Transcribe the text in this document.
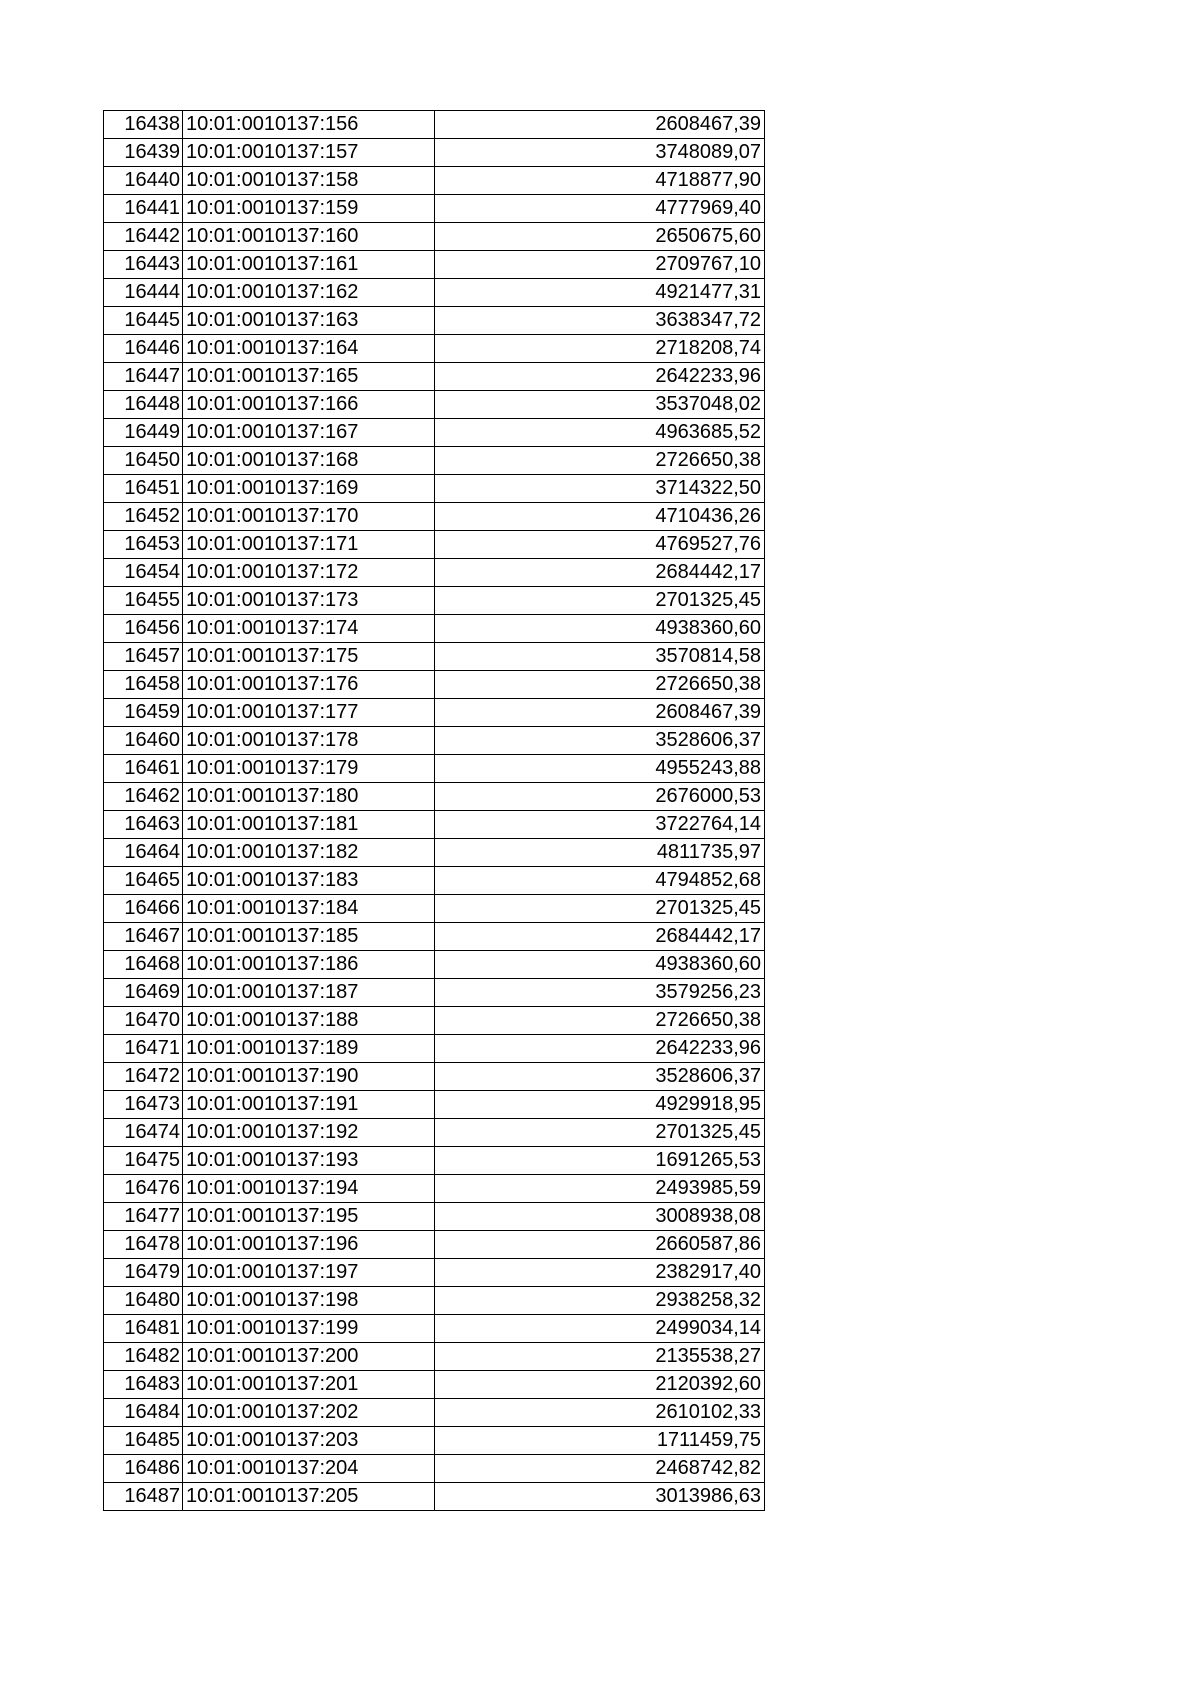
16438	10:01:0010137:156	2608467,39
16439	10:01:0010137:157	3748089,07
16440	10:01:0010137:158	4718877,90
16441	10:01:0010137:159	4777969,40
16442	10:01:0010137:160	2650675,60
16443	10:01:0010137:161	2709767,10
16444	10:01:0010137:162	4921477,31
16445	10:01:0010137:163	3638347,72
16446	10:01:0010137:164	2718208,74
16447	10:01:0010137:165	2642233,96
16448	10:01:0010137:166	3537048,02
16449	10:01:0010137:167	4963685,52
16450	10:01:0010137:168	2726650,38
16451	10:01:0010137:169	3714322,50
16452	10:01:0010137:170	4710436,26
16453	10:01:0010137:171	4769527,76
16454	10:01:0010137:172	2684442,17
16455	10:01:0010137:173	2701325,45
16456	10:01:0010137:174	4938360,60
16457	10:01:0010137:175	3570814,58
16458	10:01:0010137:176	2726650,38
16459	10:01:0010137:177	2608467,39
16460	10:01:0010137:178	3528606,37
16461	10:01:0010137:179	4955243,88
16462	10:01:0010137:180	2676000,53
16463	10:01:0010137:181	3722764,14
16464	10:01:0010137:182	4811735,97
16465	10:01:0010137:183	4794852,68
16466	10:01:0010137:184	2701325,45
16467	10:01:0010137:185	2684442,17
16468	10:01:0010137:186	4938360,60
16469	10:01:0010137:187	3579256,23
16470	10:01:0010137:188	2726650,38
16471	10:01:0010137:189	2642233,96
16472	10:01:0010137:190	3528606,37
16473	10:01:0010137:191	4929918,95
16474	10:01:0010137:192	2701325,45
16475	10:01:0010137:193	1691265,53
16476	10:01:0010137:194	2493985,59
16477	10:01:0010137:195	3008938,08
16478	10:01:0010137:196	2660587,86
16479	10:01:0010137:197	2382917,40
16480	10:01:0010137:198	2938258,32
16481	10:01:0010137:199	2499034,14
16482	10:01:0010137:200	2135538,27
16483	10:01:0010137:201	2120392,60
16484	10:01:0010137:202	2610102,33
16485	10:01:0010137:203	1711459,75
16486	10:01:0010137:204	2468742,82
16487	10:01:0010137:205	3013986,63
